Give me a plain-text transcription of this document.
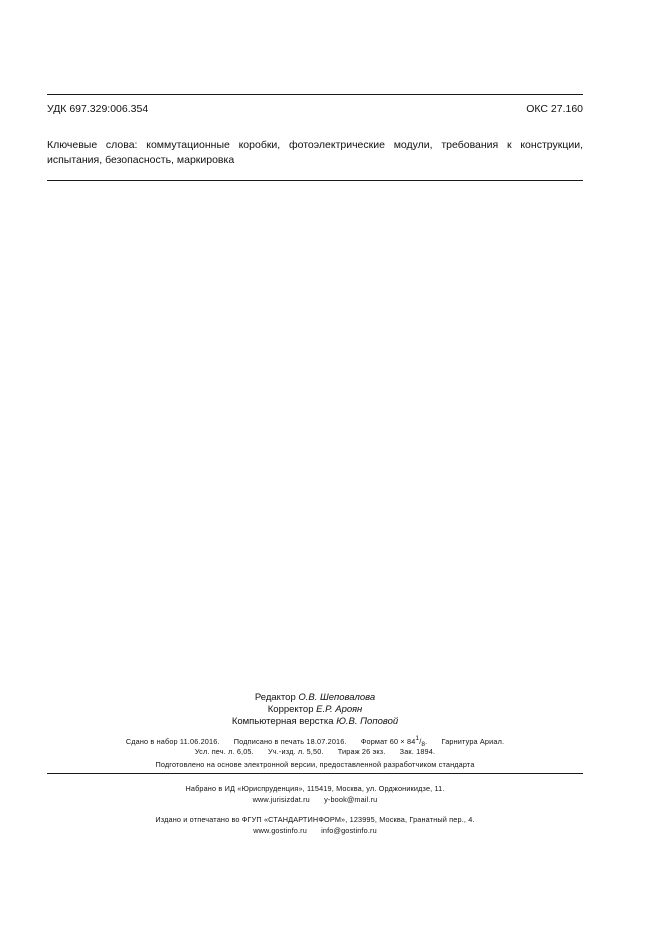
УДК 697.329:006.354	ОКС 27.160
Ключевые слова: коммутационные коробки, фотоэлектрические модули, требования к конструкции, испытания, безопасность, маркировка
Редактор О.В. Шеповалова
Корректор Е.Р. Ароян
Компьютерная верстка Ю.В. Поповой
Сдано в набор 11.06.2016. Подписано в печать 18.07.2016. Формат $60 \times 84^1/_8$. Гарнитура Ариал.
Усл. печ. л. 6,05. Уч.-изд. л. 5,50. Тираж 26 экз. Зак. 1894.
Подготовлено на основе электронной версии, предоставленной разработчиком стандарта
Набрано в ИД «Юриспруденция», 115419, Москва, ул. Орджоникидзе, 11.
www.jurisizdat.ru y-book@mail.ru
Издано и отпечатано во ФГУП «СТАНДАРТИНФОРМ», 123995, Москва, Гранатный пер., 4.
www.gostinfo.ru info@gostinfo.ru
